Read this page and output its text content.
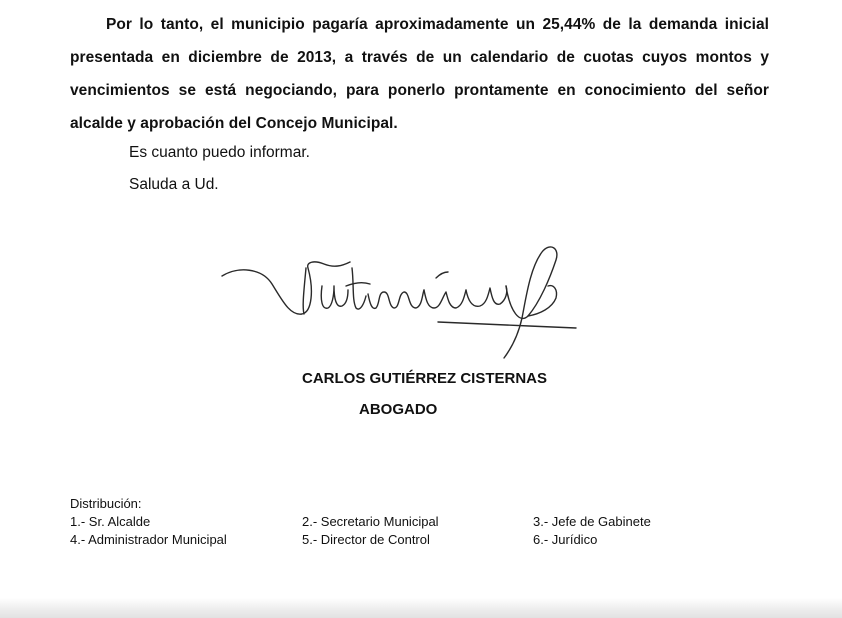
Por lo tanto, el municipio pagaría aproximadamente un 25,44% de la demanda inicial presentada en diciembre de 2013, a través de un calendario de cuotas cuyos montos y vencimientos se está negociando, para ponerlo prontamente en conocimiento del señor alcalde y aprobación del Concejo Municipal.

Es cuanto puedo informar.
Saluda a Ud.
CARLOS GUTIÉRREZ CISTERNAS
ABOGADO
Distribución:
1.- Sr. Alcalde	2.- Secretario Municipal	3.- Jefe de Gabinete
4.- Administrador Municipal	5.- Director de Control	6.- Jurídico
